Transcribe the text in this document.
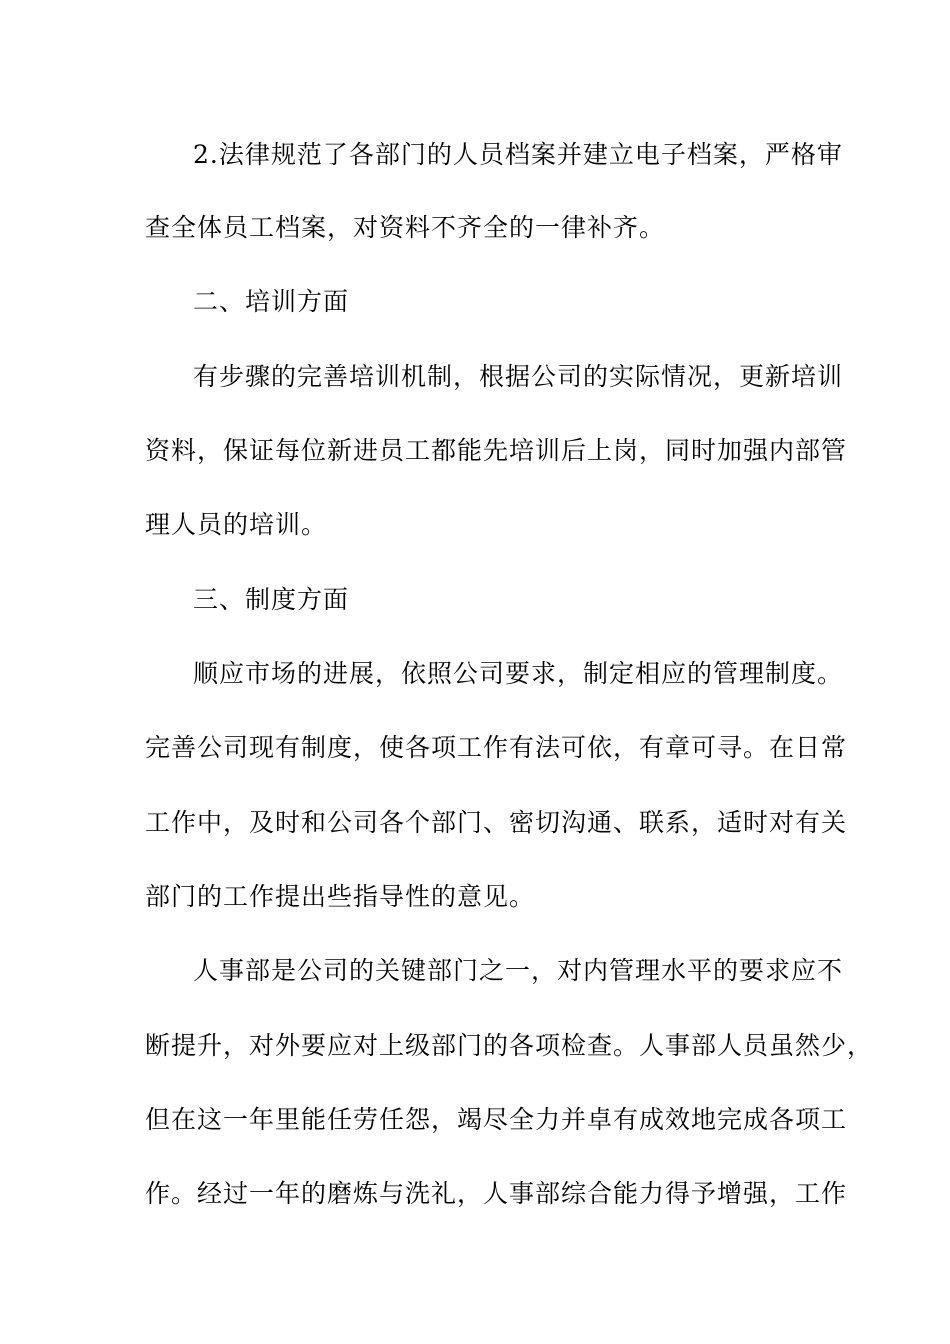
2.法律规范了各部门的人员档案并建立电子档案，严格审
查全体员工档案，对资料不齐全的一律补齐。
二、培训方面
有步骤的完善培训机制，根据公司的实际情况，更新培训
资料，保证每位新进员工都能先培训后上岗，同时加强内部管
理人员的培训。
三、制度方面
顺应市场的进展，依照公司要求，制定相应的管理制度。
完善公司现有制度，使各项工作有法可依，有章可寻。在日常
工作中，及时和公司各个部门、密切沟通、联系，适时对有关
部门的工作提出些指导性的意见。
人事部是公司的关键部门之一，对内管理水平的要求应不
断提升，对外要应对上级部门的各项检查。人事部人员虽然少，
但在这一年里能任劳任怨，竭尽全力并卓有成效地完成各项工
作。经过一年的磨炼与洗礼，人事部综合能力得予增强，工作
